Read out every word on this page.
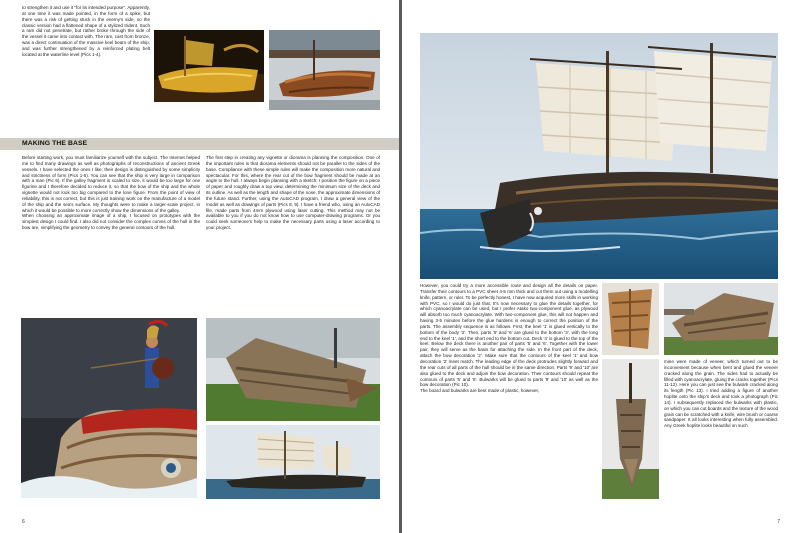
to strengthen it and use it "for its intended purpose". Apparently, at one time it was made pointed, in the form of a spike, but there was a risk of getting stuck in the enemy's side, so the classic version had a flattened shape of a stylized trident. Such a ram did not penetrate, but rather broke through the side of the vessel it came into contact with. The ram, cast from bronze, was a direct continuation of the massive keel beam of the ship, and was further strengthened by a reinforced plating belt located at the waterline level (Pics 1-4).
MAKING THE BASE
Before starting work, you must familiarize yourself with the subject. The Internet helped me to find many drawings as well as photographs of reconstructions of ancient Greek vessels. I have selected the ones I like; their design is distinguished by some simplicity and strictness of form (Pics 1-5). You can see that the ship is very large in comparison with a man (Pic 6). If the galley fragment is scaled to size, it would be too large for one figurine and I therefore decided to reduce it, so that the bow of the ship and the whole vignette would not look too big compared to the lone figure. From the point of view of reliability, this is not correct, but this is just training work on the manufacture of a model of the ship and the sea's surface. My thoughts were to make a larger-scale project, in which it would be possible to more correctly show the dimensions of the galley.
When choosing an approximate image of a ship, I focused on prototypes with the simplest design I could find. I also did not consider the complex curves of the hull in the bow are, simplifying the geometry to convey the general contours of the hull.
The first step in creating any vignette or diorama is planning the composition. One of the important rules is that diorama elements should not be parallel to the sides of the base. Compliance with these simple rules will make the composition more natural and spectacular. For this, where the rear cut of the bow fragment should be made at an angle to the hull. I always begin planning with a sketch; I position the figure on a piece of paper and roughly draw a top view, determining the minimum size of the deck and its outline. As well as the length and shape of the nose, the approximate dimensions of the future stand. Further, using the AutoCAD program, I draw a general view of the model as well as drawings of parts (Pics 8, 9). I have a friend who, using an AutoCAD file, made parts from 4mm plywood using laser cutting. This method may not be available to you if you do not know how to use computer-drawing programs. Or you could seek someone's help to make the necessary parts using a laser according to your project.
6
However, you could try a more accessible route and design all the details on paper. Transfer their contours to a PVC sheet 4-5 mm thick and cut them out using a modelling knife, pattern, or ruler. To be perfectly honest, I have now acquired more skills in working with PVC, so I would do just that. It's now necessary to glue the details together, for which cyanoacrylate can be used, but I prefer Atako two-component glue, as plywood will absorb too much cyanoacrylate. With two-component glue, this will not happen and having 3-5 minutes before the glue hardens is enough to correct the position of the parts. The assembly sequence is as follows. First, the keel '1' is glued vertically to the bottom of the body '3'. Then, parts '5' and '6' are glued to the bottom '3', with the long end to the keel '1', and the short end to the bottom cut. Deck '4' is glued to the top of the keel. Below the deck there is another pair of parts '5' and '6'. Together with the lower pair, they will serve as the basis for attaching the side. In the front part of the deck, attach the bow decoration '2'. Make sure that the contours of the keel '1' and bow decoration '2' meet match. The leading edge of the deck protrudes slightly forward and the rear cuts of all parts of the hull should be in the same direction. Parts '9' and '10' are also glued to the deck and adjoin the bow decoration. Their contours should repeat the contours of parts '5' and '6'. Bulwarks will be glued to parts '9' and '10' as well as the bow decoration (Pic 10).
The board and bulwarks are best made of plastic, however,
mine were made of veneer, which turned out to be inconvenient because when bent and glued the veneer cracked along the grain. The sides had to actually be filled with cyanoacrylate, gluing the cracks together (Pics 11-12). Here you can just see the bulwark cracked along its length (Pic 13). I tried adding a figure of another hoplite onto the ship's deck and took a photograph (Pic 14). I subsequently replaced the bulwarks with plastic, on which you can cut boards and the texture of the wood grain can be scratched with a knife, wire brush or coarse sandpaper. It all looks interesting when fully assembled. Any Greek hoplite looks beautiful on such
7
